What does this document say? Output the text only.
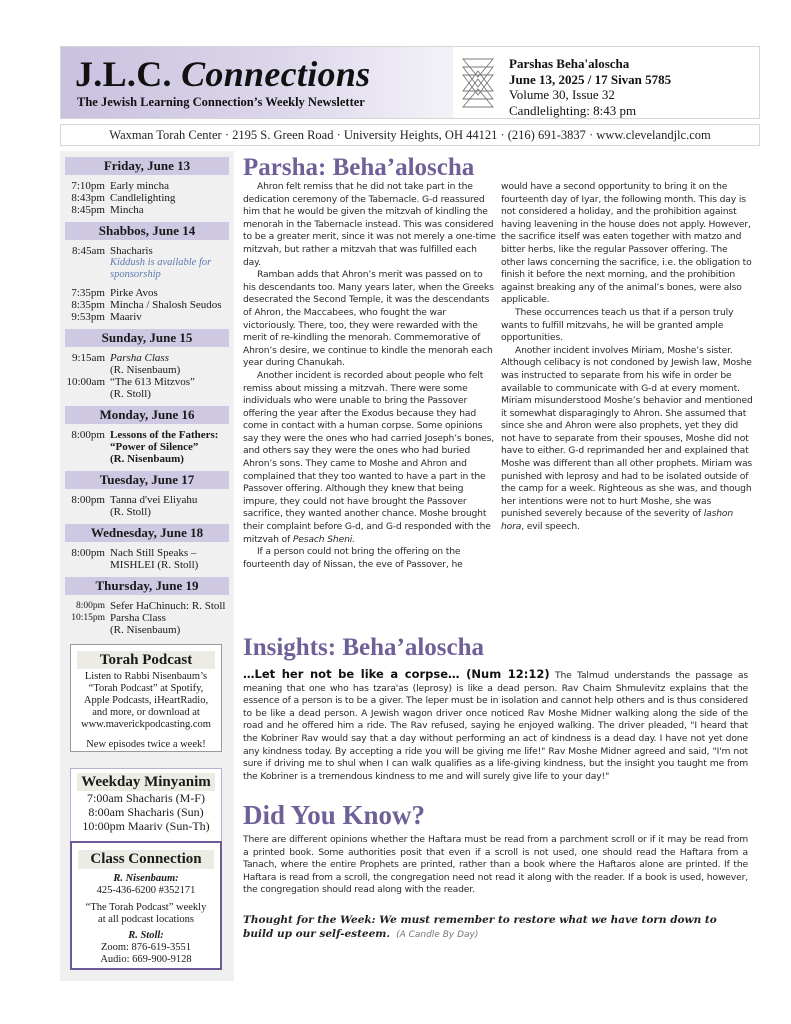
J.L.C. Connections
The Jewish Learning Connection’s Weekly Newsletter
Parshas Beha'aloscha
June 13, 2025 / 17 Sivan 5785
Volume 30, Issue 32
Candlelighting: 8:43 pm
Waxman Torah Center · 2195 S. Green Road · University Heights, OH 44121 · (216) 691-3837 · www.clevelandjlc.com
Friday, June 13
7:10pm Early mincha
8:43pm Candlelighting
8:45pm Mincha
Shabbos, June 14
8:45am Shacharis
Kiddush is available for
sponsorship
7:35pm Pirke Avos
8:35pm Mincha / Shalosh Seudos
9:53pm Maariv
Sunday, June 15
9:15am Parsha Class
(R. Nisenbaum)
10:00am “The 613 Mitzvos”
(R. Stoll)
Monday, June 16
8:00pm Lessons of the Fathers:
“Power of Silence”
(R. Nisenbaum)
Tuesday, June 17
8:00pm Tanna d'vei Eliyahu
(R. Stoll)
Wednesday, June 18
8:00pm Nach Still Speaks –
MISHLEI (R. Stoll)
Thursday, June 19
8:00pm Sefer HaChinuch: R. Stoll
10:15pm Parsha Class
(R. Nisenbaum)
Torah Podcast
Listen to Rabbi Nisenbaum’s
“Torah Podcast” at Spotify,
Apple Podcasts, iHeartRadio,
and more, or download at
www.maverickpodcasting.com
New episodes twice a week!
Weekday Minyanim
7:00am Shacharis (M-F)
8:00am Shacharis (Sun)
10:00pm Maariv (Sun-Th)
Class Connection
R. Nisenbaum:
425-436-6200 #352171
“The Torah Podcast” weekly
at all podcast locations
R. Stoll:
Zoom: 876-619-3551
Audio: 669-900-9128
Parsha: Beha’aloscha

Ahron felt remiss that he did not take part in the dedication ceremony of the Tabernacle. G-d reassured him that he would be given the mitzvah of kindling the menorah in the Tabernacle instead. This was considered to be a greater merit, since it was not merely a one-time mitzvah, but rather a mitzvah that was fulfilled each day.

Ramban adds that Ahron’s merit was passed on to his descendants too. Many years later, when the Greeks desecrated the Second Temple, it was the descendants of Ahron, the Maccabees, who fought the war victoriously. There, too, they were rewarded with the merit of re-kindling the menorah. Commemorative of Ahron’s desire, we continue to kindle the menorah each year during Chanukah.

Another incident is recorded about people who felt remiss about missing a mitzvah. There were some individuals who were unable to bring the Passover offering the year after the Exodus because they had come in contact with a human corpse. Some opinions say they were the ones who had carried Joseph’s bones, and others say they were the ones who had buried Ahron’s sons. They came to Moshe and Ahron and complained that they too wanted to have a part in the Passover offering. Although they knew that being impure, they could not have brought the Passover sacrifice, they wanted another chance. Moshe brought their complaint before G-d, and G-d responded with the mitzvah of Pesach Sheni.

If a person could not bring the offering on the fourteenth day of Nissan, the eve of Passover, he

would have a second opportunity to bring it on the fourteenth day of Iyar, the following month. This day is not considered a holiday, and the prohibition against having leavening in the house does not apply. However, the sacrifice itself was eaten together with matzo and bitter herbs, like the regular Passover offering. The other laws concerning the sacrifice, i.e. the obligation to finish it before the next morning, and the prohibition against breaking any of the animal’s bones, were also applicable.

These occurrences teach us that if a person truly wants to fulfill mitzvahs, he will be granted ample opportunities.

Another incident involves Miriam, Moshe’s sister. Although celibacy is not condoned by Jewish law, Moshe was instructed to separate from his wife in order be available to communicate with G-d at every moment. Miriam misunderstood Moshe’s behavior and mentioned it somewhat disparagingly to Ahron. She assumed that since she and Ahron were also prophets, yet they did not have to separate from their spouses, Moshe did not have to either. G-d reprimanded her and explained that Moshe was different than all other prophets. Miriam was punished with leprosy and had to be isolated outside of the camp for a week. Righteous as she was, and though her intentions were not to hurt Moshe, she was punished severely because of the severity of lashon hora, evil speech.

Insights: Beha’aloscha
…Let her not be like a corpse… (Num 12:12) The Talmud understands the passage as meaning that one who has tzara'as (leprosy) is like a dead person. Rav Chaim Shmulevitz explains that the essence of a person is to be a giver. The leper must be in isolation and cannot help others and is thus considered to be like a dead person. A Jewish wagon driver once noticed Rav Moshe Midner walking along the side of the road and he offered him a ride. The Rav refused, saying he enjoyed walking. The driver pleaded, "I heard that the Kobriner Rav would say that a day without performing an act of kindness is a dead day. I have not yet done any kindness today. By accepting a ride you will be giving me life!" Rav Moshe Midner agreed and said, "I'm not sure if driving me to shul when I can walk qualifies as a life-giving kindness, but the insight you taught me from the Kobriner is a tremendous kindness to me and will surely give life to your day!"
Did You Know?
There are different opinions whether the Haftara must be read from a parchment scroll or if it may be read from a printed book. Some authorities posit that even if a scroll is not used, one should read the Haftara from a Tanach, where the entire Prophets are printed, rather than a book where the Haftaros alone are printed. If the Haftara is read from a scroll, the congregation need not read it along with the reader. If a book is used, however, the congregation should read along with the reader.
Thought for the Week: We must remember to restore what we have torn down to build up our self-esteem. (A Candle By Day)
